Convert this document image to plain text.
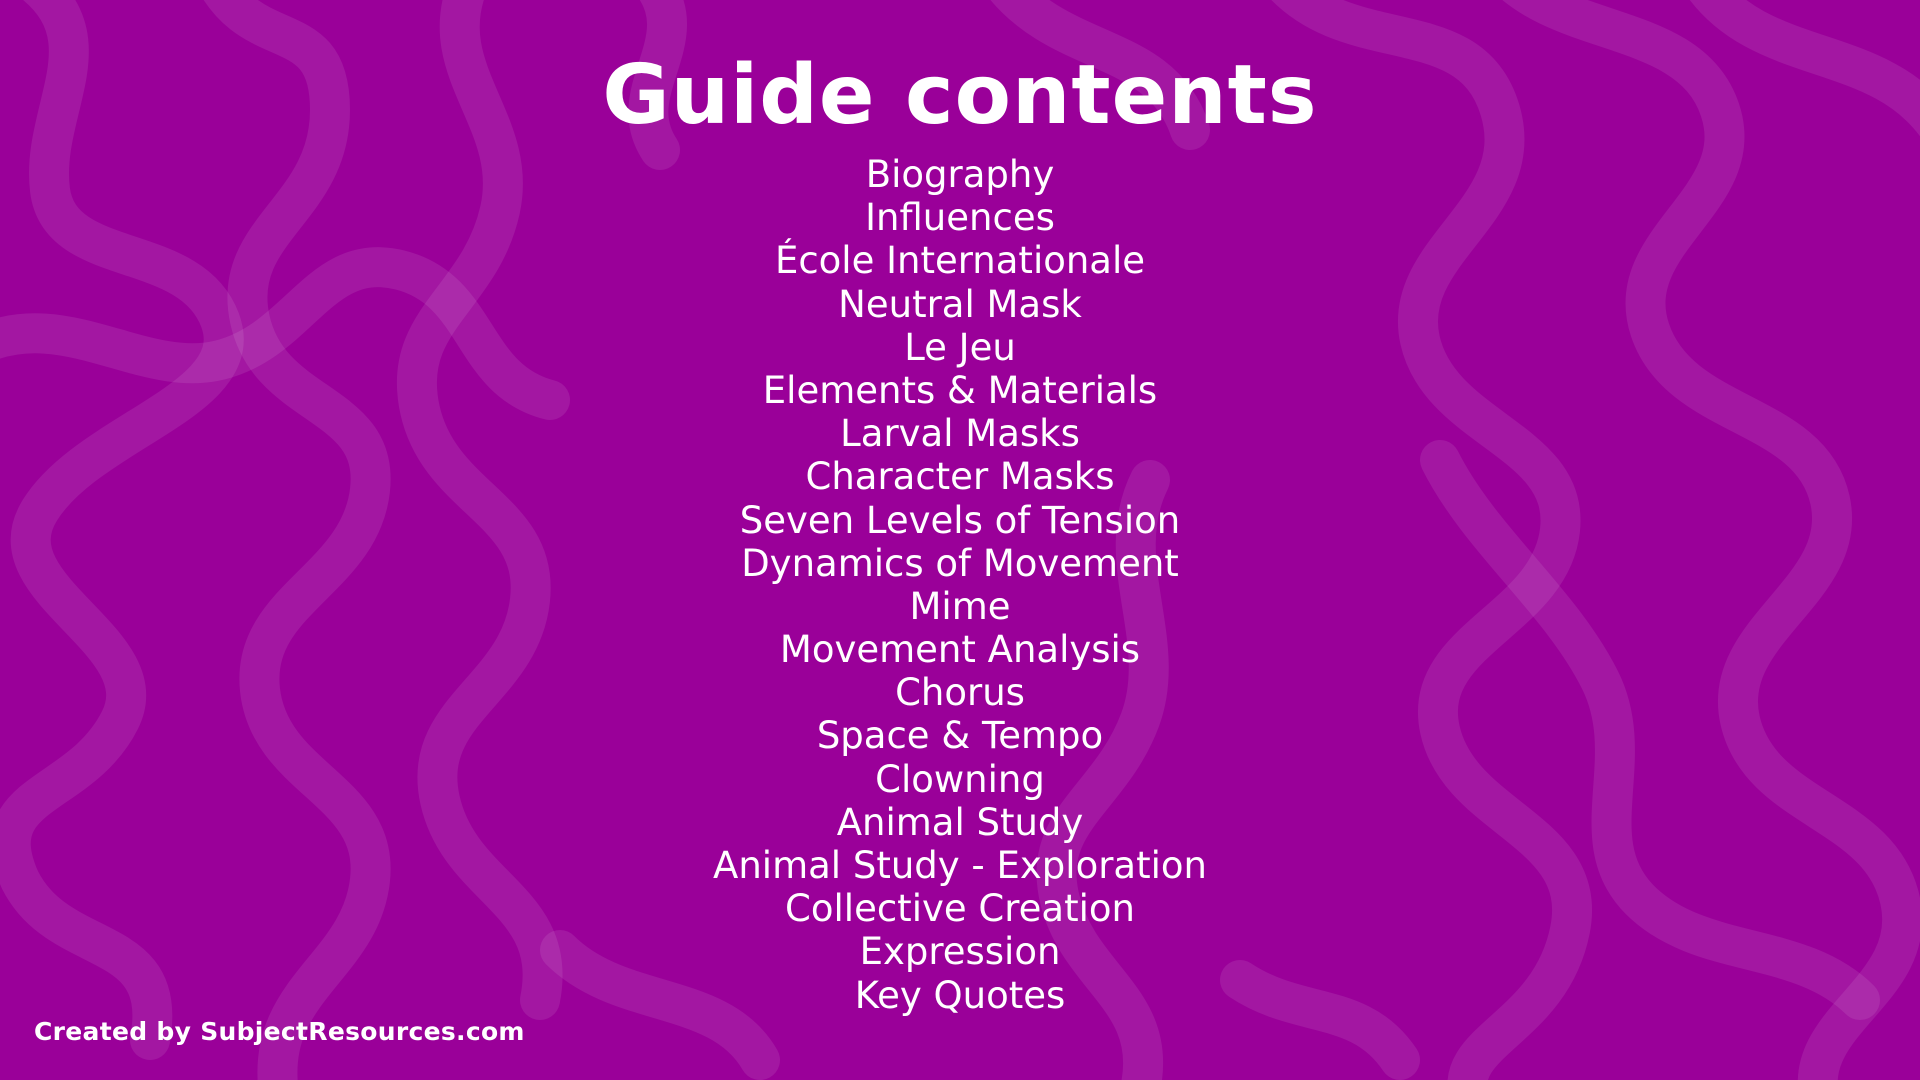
Guide contents
Biography
Influences
École Internationale
Neutral Mask
Le Jeu
Elements & Materials
Larval Masks
Character Masks
Seven Levels of Tension
Dynamics of Movement
Mime
Movement Analysis
Chorus
Space & Tempo
Clowning
Animal Study
Animal Study - Exploration
Collective Creation
Expression
Key Quotes
Created by SubjectResources.com
